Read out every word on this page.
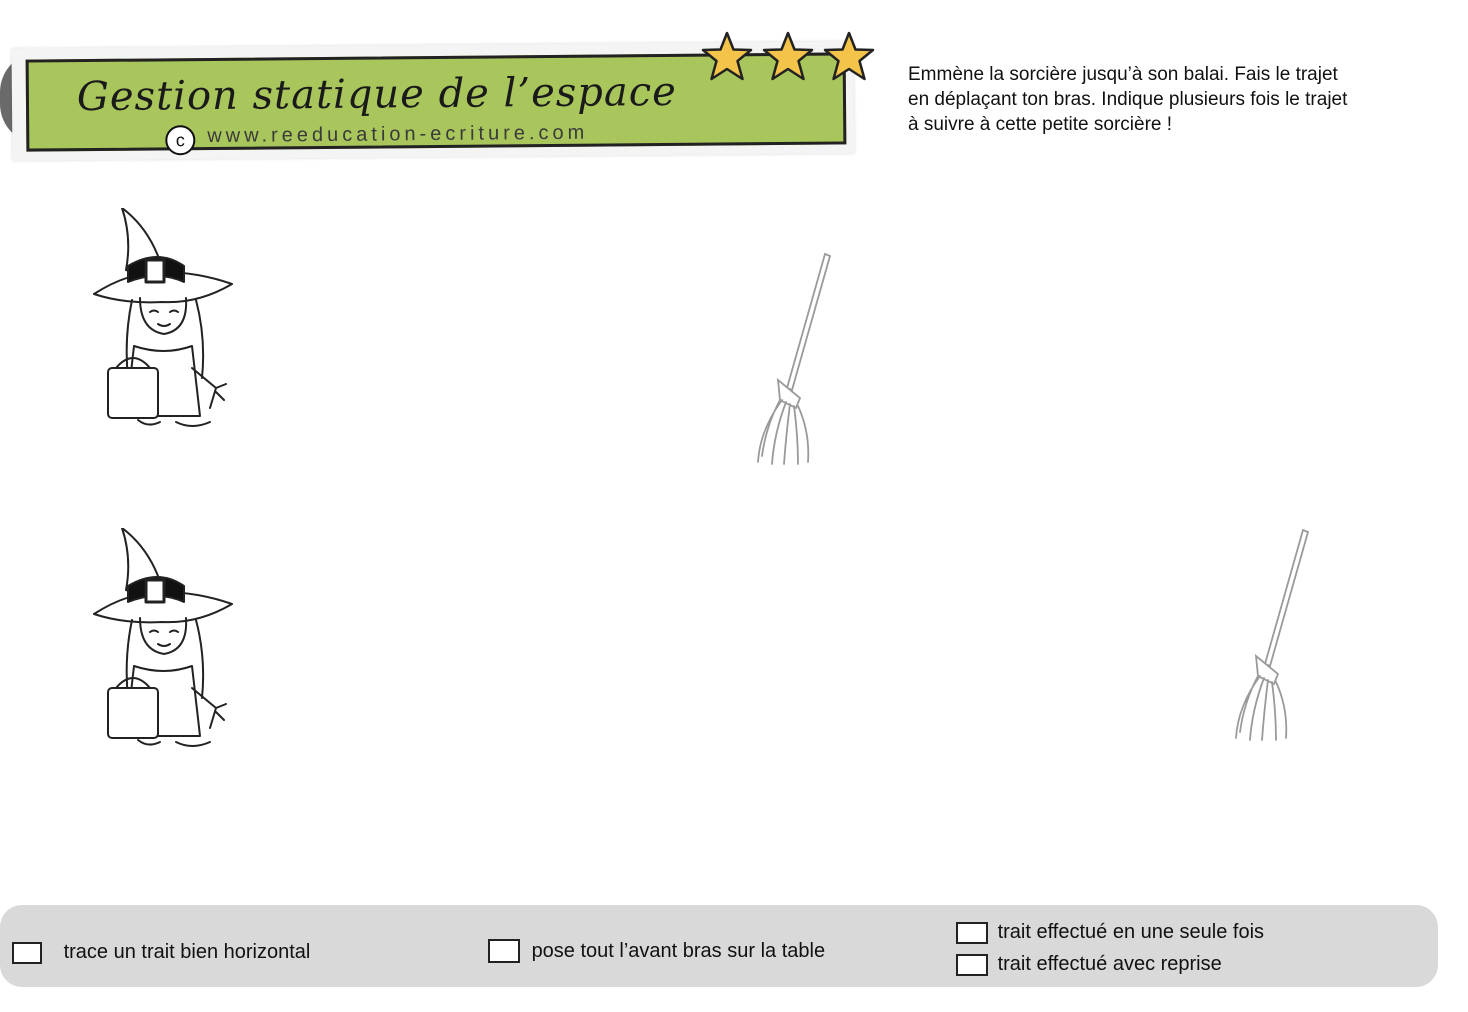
Gestion statique de l’espace
c	www.reeducation-ecriture.com
Emmène la sorcière jusqu’à son balai. Fais le trajet
en déplaçant ton bras. Indique plusieurs fois le trajet
à suivre à cette petite sorcière !
trace un trait bien horizontal	pose tout l’avant bras sur la table
trait effectué en une seule fois
trait effectué avec reprise
